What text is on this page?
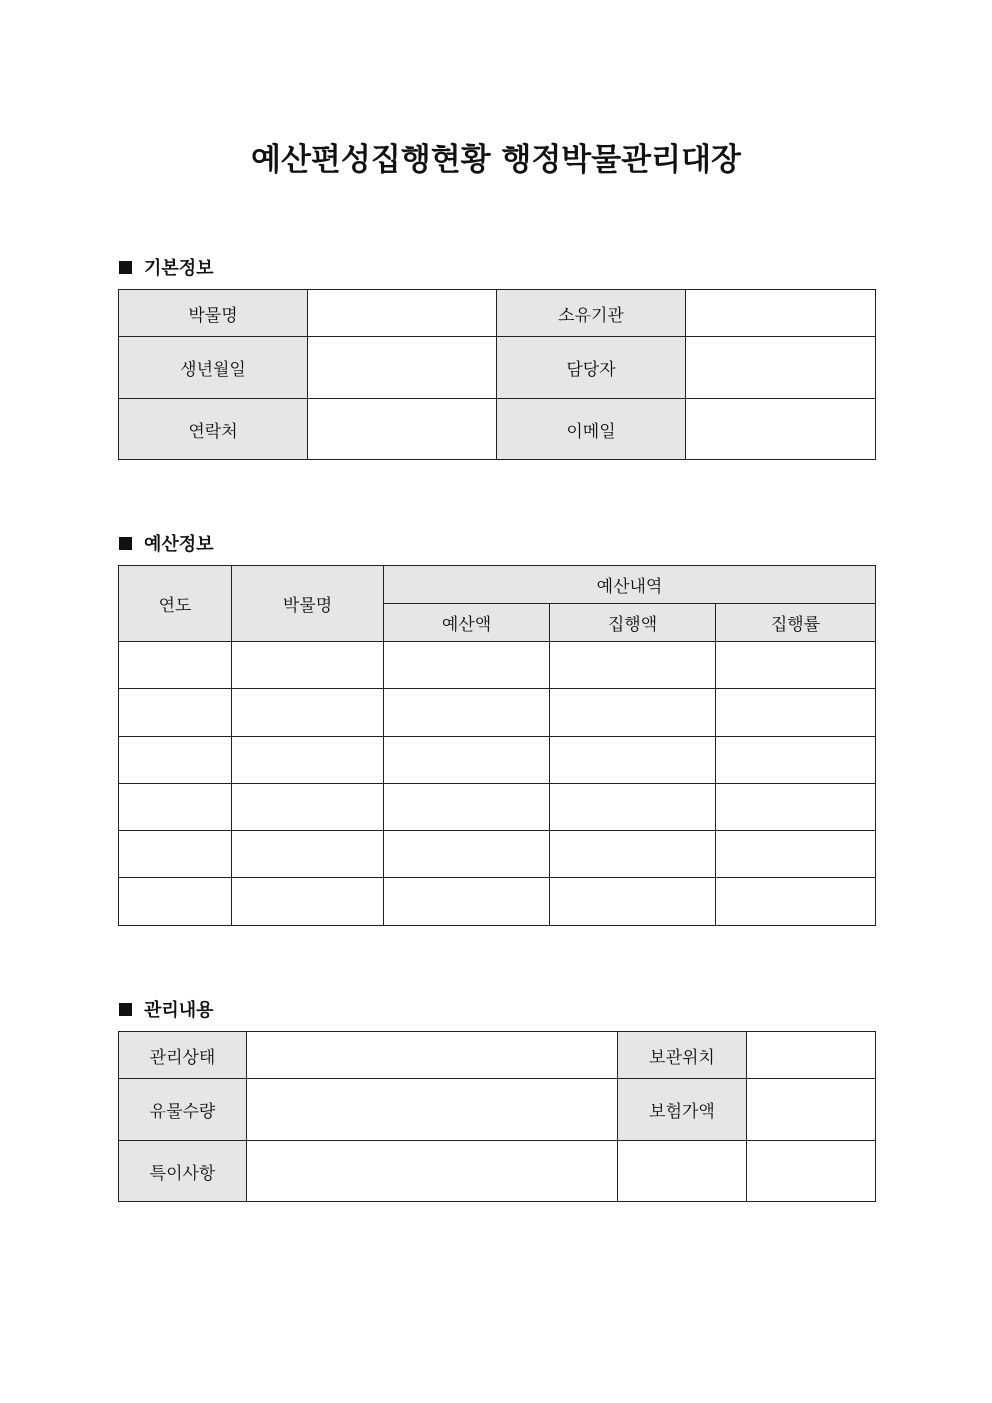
예산편성집행현황 행정박물관리대장
기본정보
박물명		소유기관	
생년월일		담당자	
연락처		이메일	
예산정보
연도	박물명	예산내역		
		예산액	집행액	집행률

관리내용
관리상태		보관위치	
유물수량		보험가액	
특이사항			
